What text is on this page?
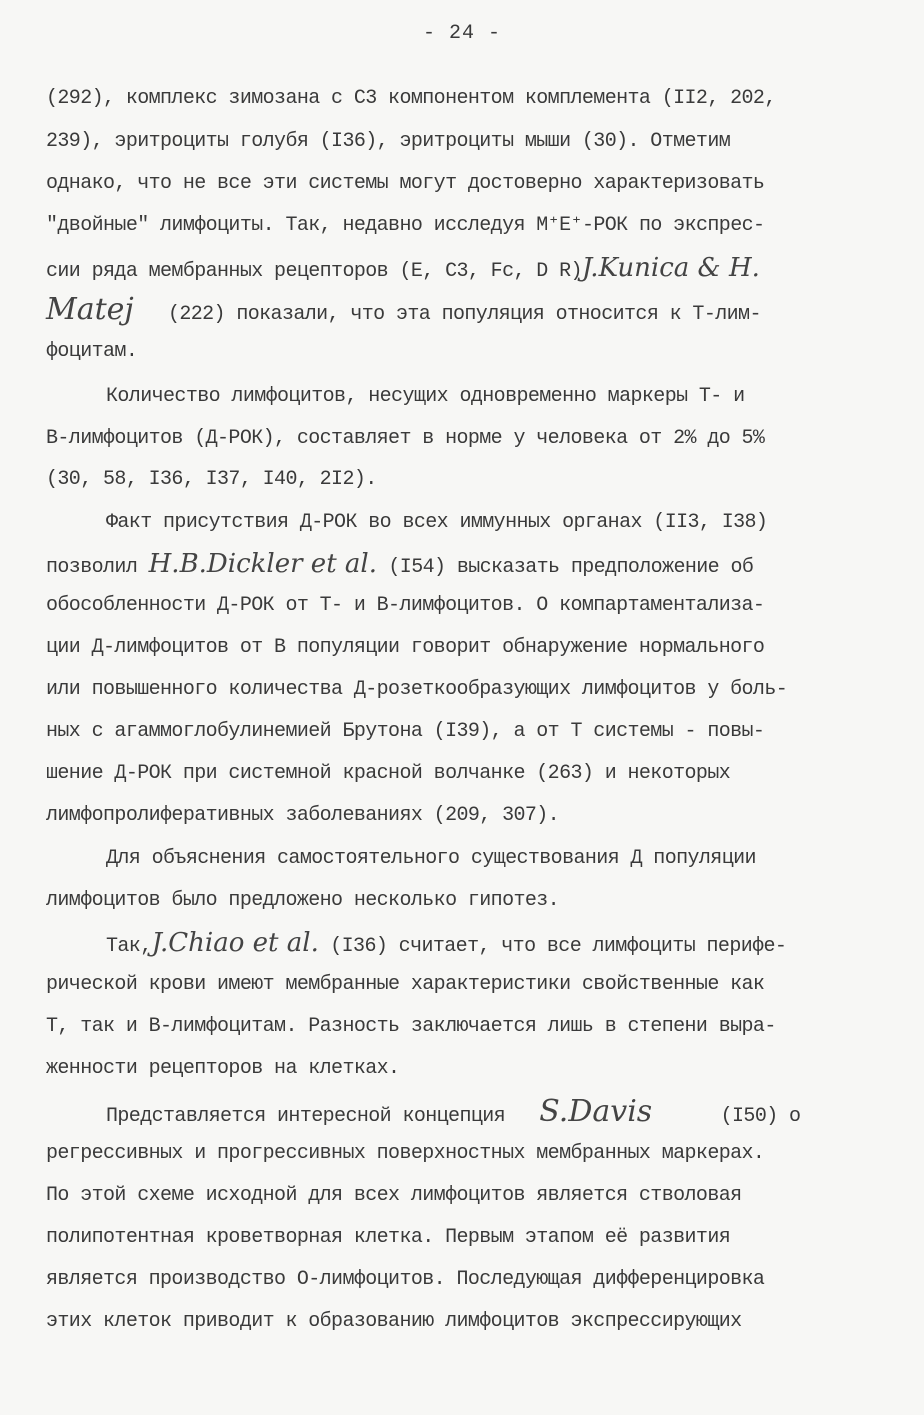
- 24 -
(292), комплекс зимозана с С3 компонентом комплемента (II2, 202,
239), эритроциты голубя (I36), эритроциты мыши (30). Отметим
однако, что не все эти системы могут достоверно характеризовать
"двойные" лимфоциты. Так, недавно исследуя М⁺Е⁺-РОК по экспрес-
сии ряда мембранных рецепторов (E, C3, Fc, D R)J.Kunica & H.
Matej (222) показали, что эта популяция относится к Т-лим-
фоцитам.
Количество лимфоцитов, несущих одновременно маркеры Т- и
В-лимфоцитов (Д-РОК), составляет в норме у человека от 2% до 5%
(30, 58, I36, I37, I40, 2I2).
Факт присутствия Д-РОК во всех иммунных органах (II3, I38)
позволил H.B.Dickler et al. (I54) высказать предположение об
обособленности Д-РОК от Т- и В-лимфоцитов. О компартаментализа-
ции Д-лимфоцитов от В популяции говорит обнаружение нормального
или повышенного количества Д-розеткообразующих лимфоцитов у боль-
ных с агаммоглобулинемией Брутона (I39), а от Т системы - повы-
шение Д-РОК при системной красной волчанке (263) и некоторых
лимфопролиферативных заболеваниях (209, 307).
Для объяснения самостоятельного существования Д популяции
лимфоцитов было предложено несколько гипотез.
Так,J.Chiao et al. (I36) считает, что все лимфоциты перифе-
рической крови имеют мембранные характеристики свойственные как
Т, так и В-лимфоцитам. Разность заключается лишь в степени выра-
женности рецепторов на клетках.
Представляется интересной концепция S.Davis	(I50) о
регрессивных и прогрессивных поверхностных мембранных маркерах.
По этой схеме исходной для всех лимфоцитов является стволовая
полипотентная кроветворная клетка. Первым этапом её развития
является производство О-лимфоцитов. Последующая дифференцировка
этих клеток приводит к образованию лимфоцитов экспрессирующих
